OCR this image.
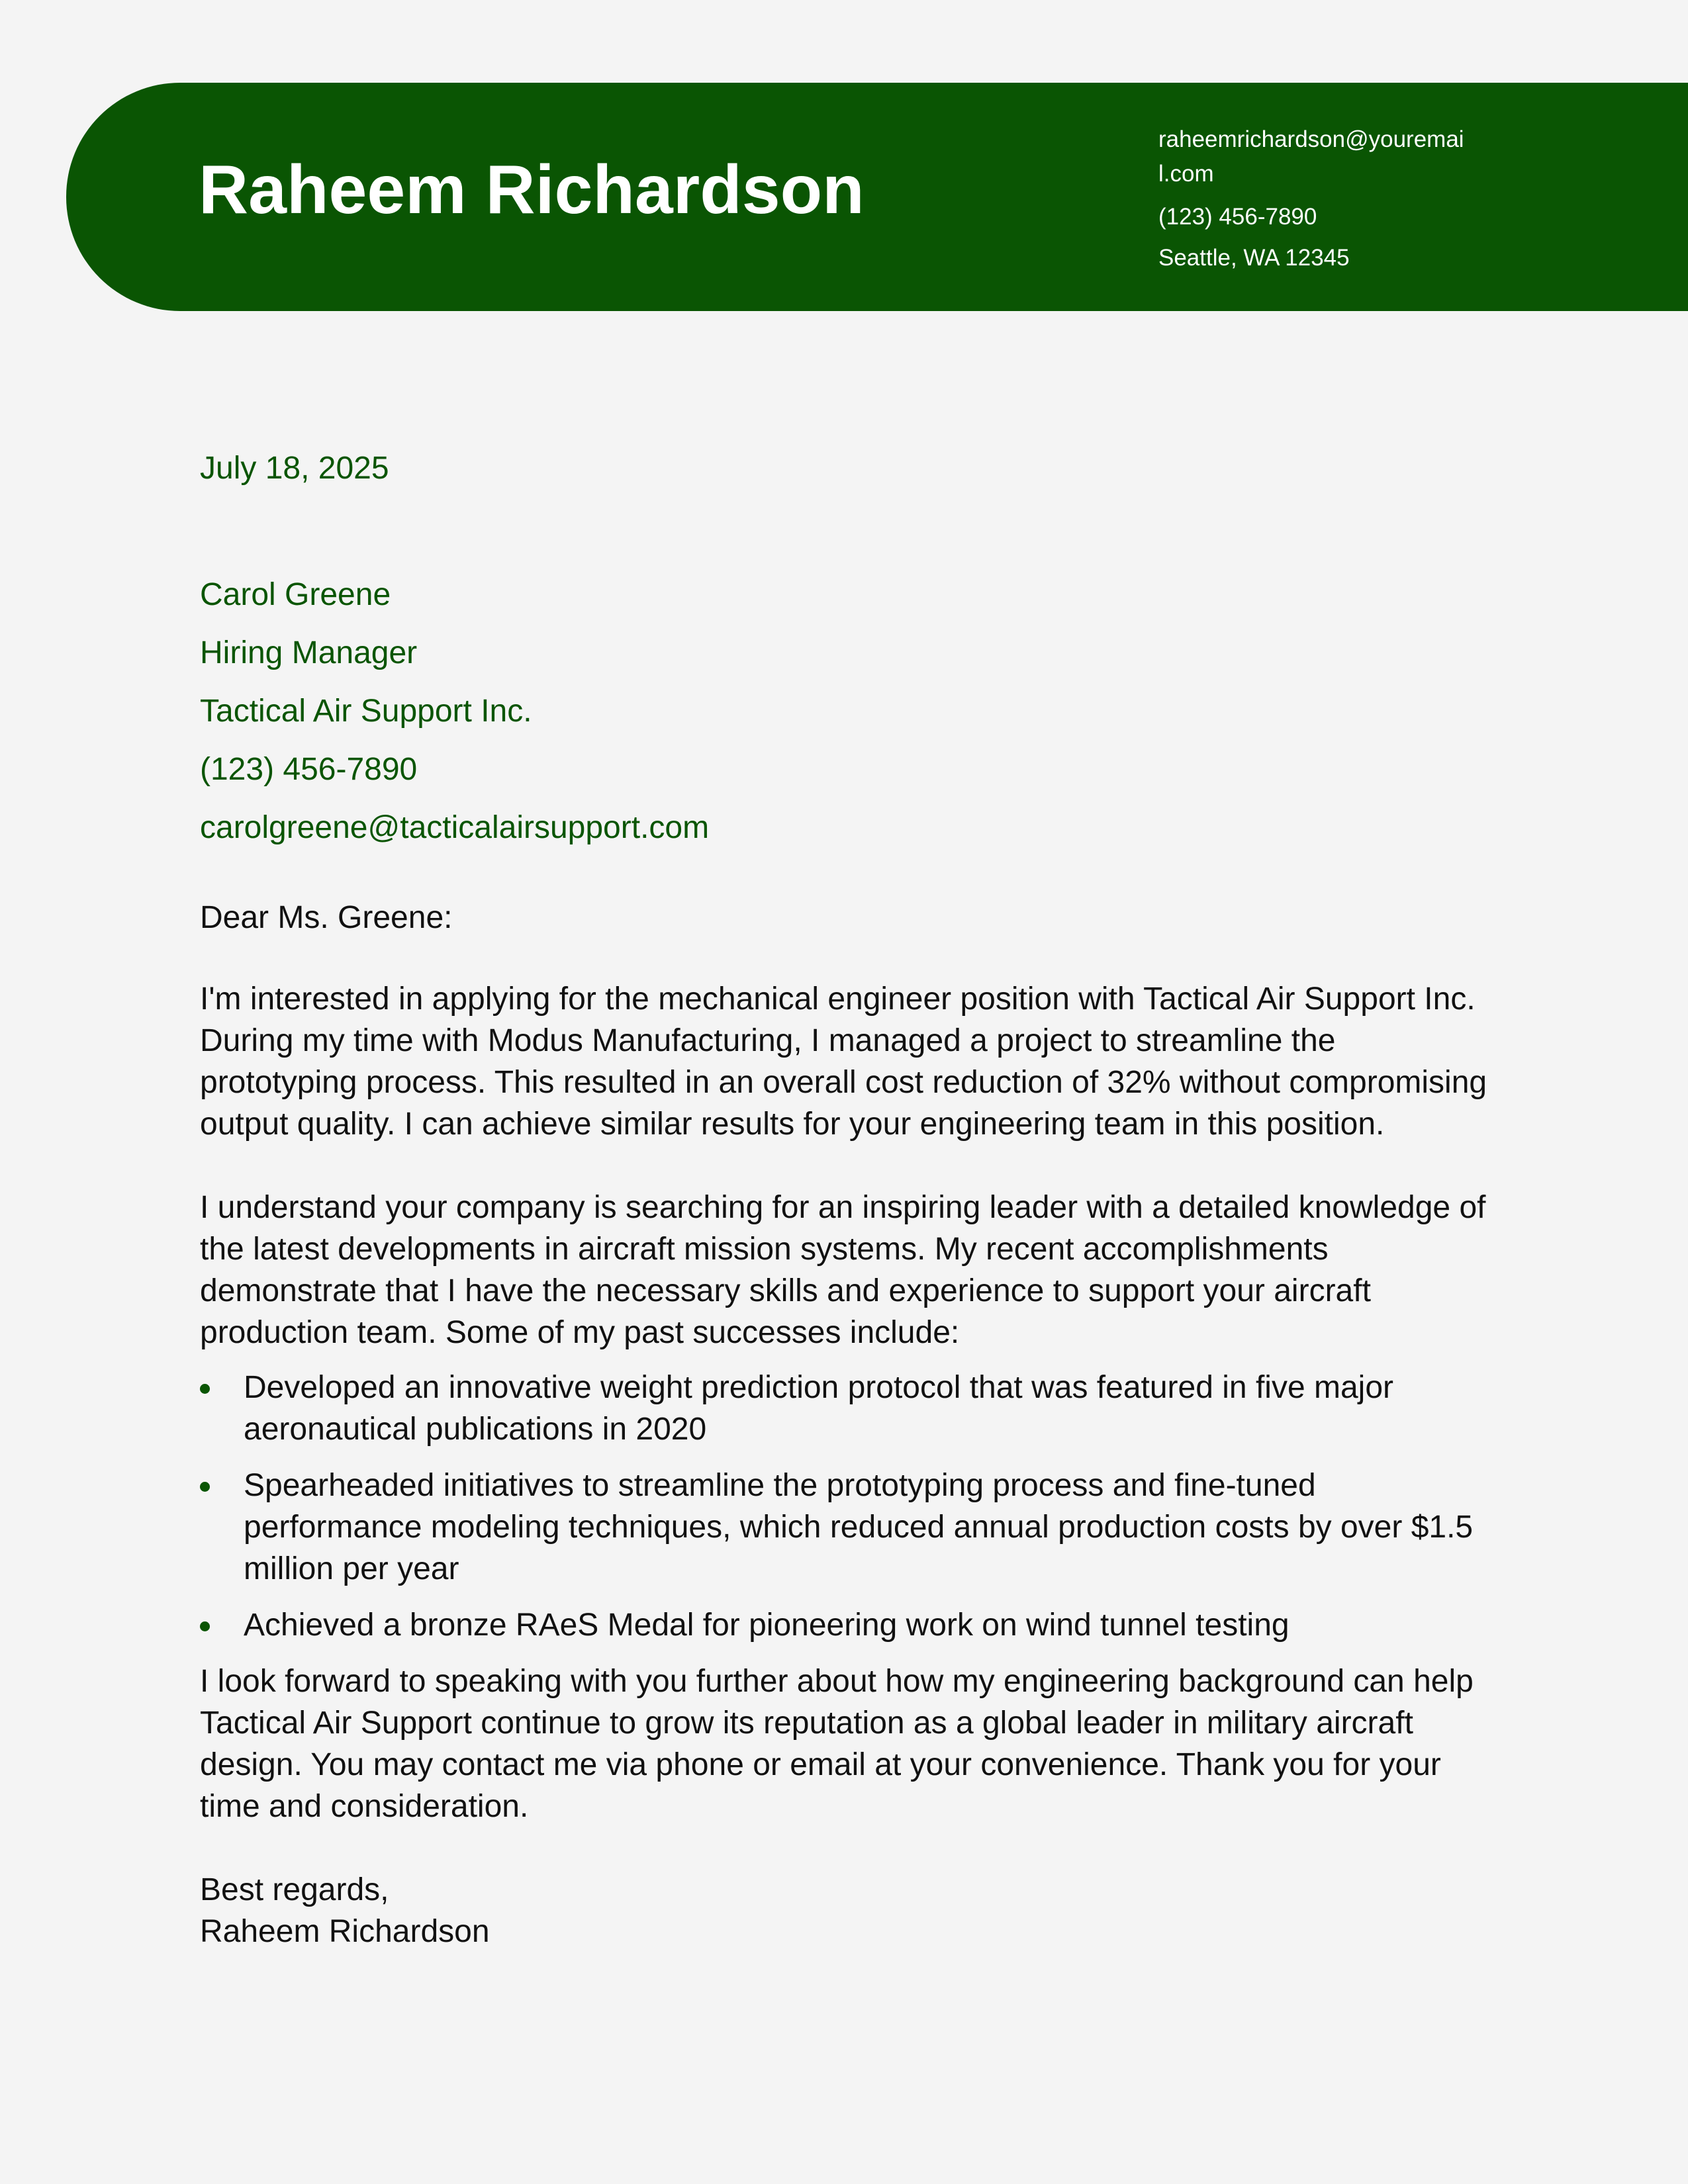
Raheem Richardson
raheemrichardson@youremai
l.com
(123) 456-7890
Seattle, WA 12345
July 18, 2025
Carol Greene
Hiring Manager
Tactical Air Support Inc.
(123) 456-7890
carolgreene@tacticalairsupport.com

Dear Ms. Greene:

I'm interested in applying for the mechanical engineer position with Tactical Air Support Inc. During my time with Modus Manufacturing, I managed a project to streamline the prototyping process. This resulted in an overall cost reduction of 32% without compromising output quality. I can achieve similar results for your engineering team in this position.

I understand your company is searching for an inspiring leader with a detailed knowledge of the latest developments in aircraft mission systems. My recent accomplishments demonstrate that I have the necessary skills and experience to support your aircraft production team. Some of my past successes include:

Developed an innovative weight prediction protocol that was featured in five major aeronautical publications in 2020
Spearheaded initiatives to streamline the prototyping process and fine-tuned performance modeling techniques, which reduced annual production costs by over $1.5 million per year
Achieved a bronze RAeS Medal for pioneering work on wind tunnel testing

I look forward to speaking with you further about how my engineering background can help Tactical Air Support continue to grow its reputation as a global leader in military aircraft design. You may contact me via phone or email at your convenience. Thank you for your time and consideration.

Best regards,
Raheem Richardson
